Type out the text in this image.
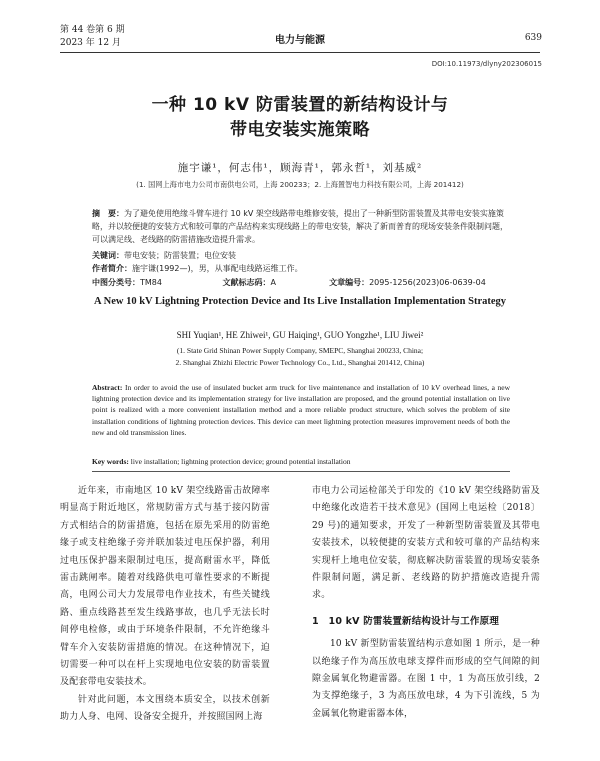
第 44 卷第 6 期
2023 年 12 月	电力与能源	639
DOI:10.11973/dlyny202306015
一种 10 kV 防雷装置的新结构设计与
带电安装实施策略
施宇谦¹，何志伟¹，顾海青¹，郭永哲¹，刘基威²
(1. 国网上海市电力公司市南供电公司，上海 200233；2. 上海置智电力科技有限公司，上海 201412)
摘　要：为了避免使用绝缘斗臂车进行 10 kV 架空线路带电维修安装，提出了一种新型防雷装置及其带电安装实施策略，并以较便捷的安装方式和较可靠的产品结构来实现线路上的带电安装，解决了新而普育的现场安装条件限制问题，可以满足线、老线路的防雷措施改造提升需求。
关键词：带电安装；防雷装置；电位安装
作者简介：施宇谦(1992—)，男，从事配电线路运维工作。
中图分类号：TM84	文献标志码：A	文章编号：2095-1256(2023)06-0639-04
A New 10 kV Lightning Protection Device and Its Live Installation Implementation Strategy
SHI Yuqian¹, HE Zhiwei¹, GU Haiqing¹, GUO Yongzhe¹, LIU Jiwei²
(1. State Grid Shinan Power Supply Company, SMEPC, Shanghai 200233, China;
2. Shanghai Zhizhi Electric Power Technology Co., Ltd., Shanghai 201412, China)
Abstract: In order to avoid the use of insulated bucket arm truck for live maintenance and installation of 10 kV overhead lines, a new lightning protection device and its implementation strategy for live installation are proposed, and the ground potential installation on live point is realized with a more convenient installation method and a more reliable product structure, which solves the problem of site installation conditions of lightning protection devices. This device can meet lightning protection measures improvement needs of both the new and old transmission lines.
Key words: live installation; lightning protection device; ground potential installation

近年来，市南地区 10 kV 架空线路雷击故障率明显高于附近地区，常规防雷方式与基于接闪防雷方式相结合的防雷措施，包括在原先采用的防雷绝缘子或支柱绝缘子旁并联加装过电压保护器，利用过电压保护器来限制过电压，提高耐雷水平，降低雷击跳闸率。随着对线路供电可靠性要求的不断提高，电网公司大力发展带电作业技术，有些关键线路、重点线路甚至发生线路事故，也几乎无法长时间停电检修，或由于环境条件限制，不允许绝缘斗臂车介入安装防雷措施的情况。在这种情况下，迫切需要一种可以在杆上实现地电位安装的防雷装置及配套带电安装技术。

针对此问题，本文围绕本质安全，以技术创新助力人身、电网、设备安全提升，并按照国网上海

市电力公司运检部关于印发的《10 kV 架空线路防雷及中绝缘化改造若干技术意见》(国网上电运检〔2018〕29 号)的通知要求，开发了一种新型防雷装置及其带电安装技术，以较便捷的安装方式和较可靠的产品结构来实现杆上地电位安装，彻底解决防雷装置的现场安装条件限制问题，满足新、老线路的防护措施改造提升需求。

1　10 kV 防雷装置新结构设计与工作原理

10 kV 新型防雷装置结构示意如图 1 所示，是一种以绝缘子作为高压放电球支撑件而形成的空气间隙的间隙金属氧化物避雷器。在图 1 中，1 为高压放引线，2 为支撑绝缘子，3 为高压放电球，4 为下引流线，5 为金属氧化物避雷器本体，
